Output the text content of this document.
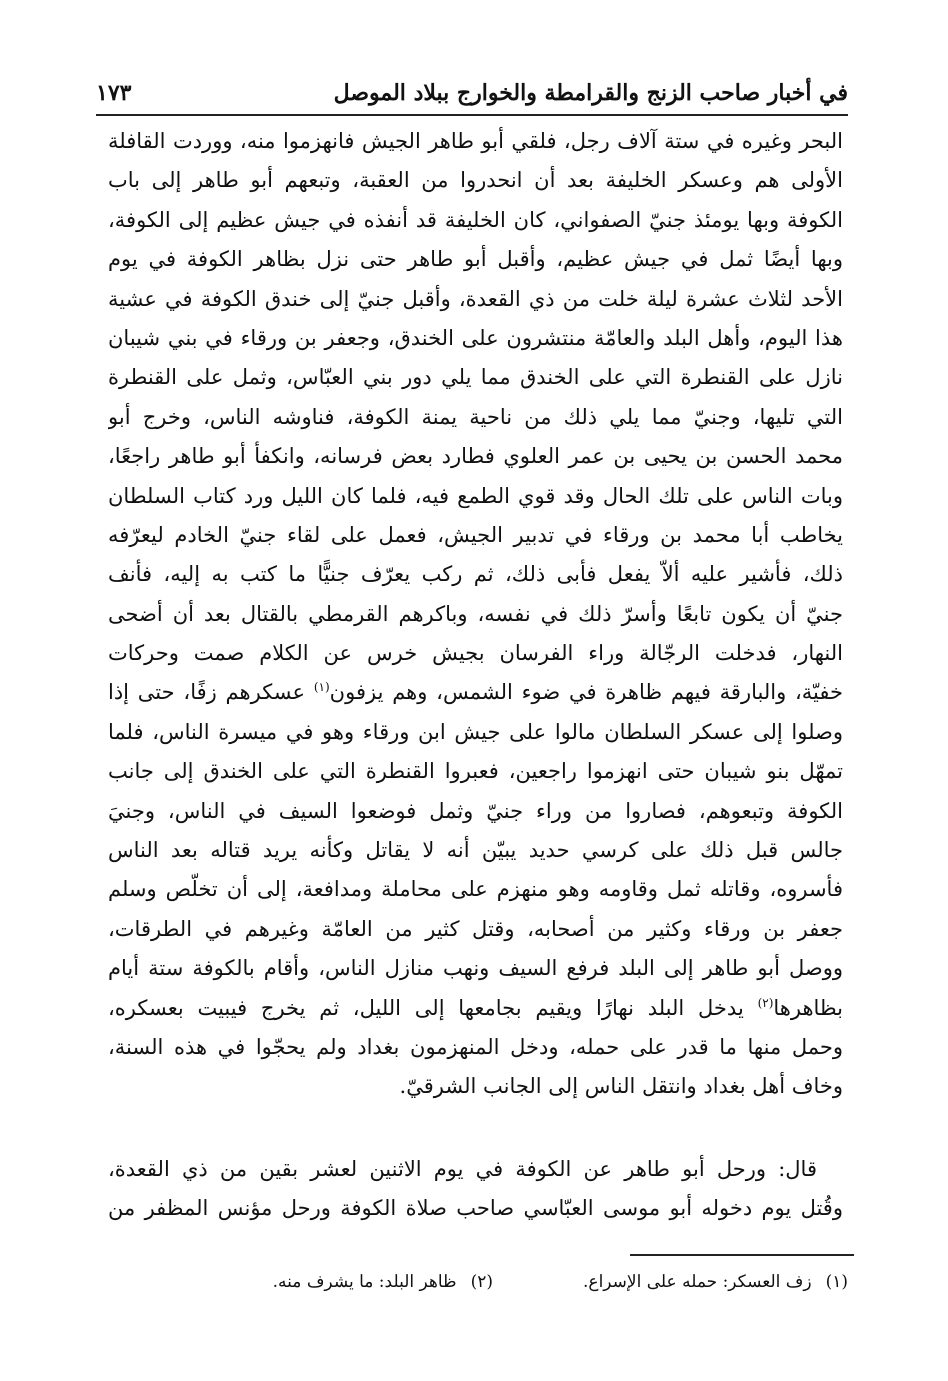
في أخبار صاحب الزنج والقرامطة والخوارج ببلاد الموصل
١٧٣
البحر وغيره في ستة آلاف رجل، فلقي أبو طاهر الجيش فانهزموا منه، ووردت القافلة
الأولى هم وعسكر الخليفة بعد أن انحدروا من العقبة، وتبعهم أبو طاهر إلى باب
الكوفة وبها يومئذ جنيّ الصفواني، كان الخليفة قد أنفذه في جيش عظيم إلى الكوفة،
وبها أيضًا ثمل في جيش عظيم، وأقبل أبو طاهر حتى نزل بظاهر الكوفة في يوم
الأحد لثلاث عشرة ليلة خلت من ذي القعدة، وأقبل جنيّ إلى خندق الكوفة في عشية
هذا اليوم، وأهل البلد والعامّة منتشرون على الخندق، وجعفر بن ورقاء في بني شيبان
نازل على القنطرة التي على الخندق مما يلي دور بني العبّاس، وثمل على القنطرة
التي تليها، وجنيّ مما يلي ذلك من ناحية يمنة الكوفة، فناوشه الناس، وخرج أبو
محمد الحسن بن يحيى بن عمر العلوي فطارد بعض فرسانه، وانكفأ أبو طاهر راجعًا،
وبات الناس على تلك الحال وقد قوي الطمع فيه، فلما كان الليل ورد كتاب السلطان
يخاطب أبا محمد بن ورقاء في تدبير الجيش، فعمل على لقاء جنيّ الخادم ليعرّفه
ذلك، فأشير عليه ألاّ يفعل فأبى ذلك، ثم ركب يعرّف جنيًّا ما كتب به إليه، فأنف
جنيّ أن يكون تابعًا وأسرّ ذلك في نفسه، وباكرهم القرمطي بالقتال بعد أن أضحى
النهار، فدخلت الرجّالة وراء الفرسان بجيش خرس عن الكلام صمت وحركات
خفيّة، والبارقة فيهم ظاهرة في ضوء الشمس، وهم يزفون$^{(١)}$ عسكرهم زفًا، حتى إذا
وصلوا إلى عسكر السلطان مالوا على جيش ابن ورقاء وهو في ميسرة الناس، فلما
تمهّل بنو شيبان حتى انهزموا راجعين، فعبروا القنطرة التي على الخندق إلى جانب
الكوفة وتبعوهم، فصاروا من وراء جنيّ وثمل فوضعوا السيف في الناس، وجنيَ
جالس قبل ذلك على كرسي حديد يبيّن أنه لا يقاتل وكأنه يريد قتاله بعد الناس
فأسروه، وقاتله ثمل وقاومه وهو منهزم على محاملة ومدافعة، إلى أن تخلّص وسلم
جعفر بن ورقاء وكثير من أصحابه، وقتل كثير من العامّة وغيرهم في الطرقات،
ووصل أبو طاهر إلى البلد فرفع السيف ونهب منازل الناس، وأقام بالكوفة ستة أيام
بظاهرها$^{(٢)}$ يدخل البلد نهارًا ويقيم بجامعها إلى الليل، ثم يخرج فيبيت بعسكره،
وحمل منها ما قدر على حمله، ودخل المنهزمون بغداد ولم يحجّوا في هذه السنة،
وخاف أهل بغداد وانتقل الناس إلى الجانب الشرقيّ.
قال: ورحل أبو طاهر عن الكوفة في يوم الاثنين لعشر بقين من ذي القعدة،
وقُتل يوم دخوله أبو موسى العبّاسي صاحب صلاة الكوفة ورحل مؤنس المظفر من
(١)زف العسكر: حمله على الإسراع.
(٢)ظاهر البلد: ما يشرف منه.
